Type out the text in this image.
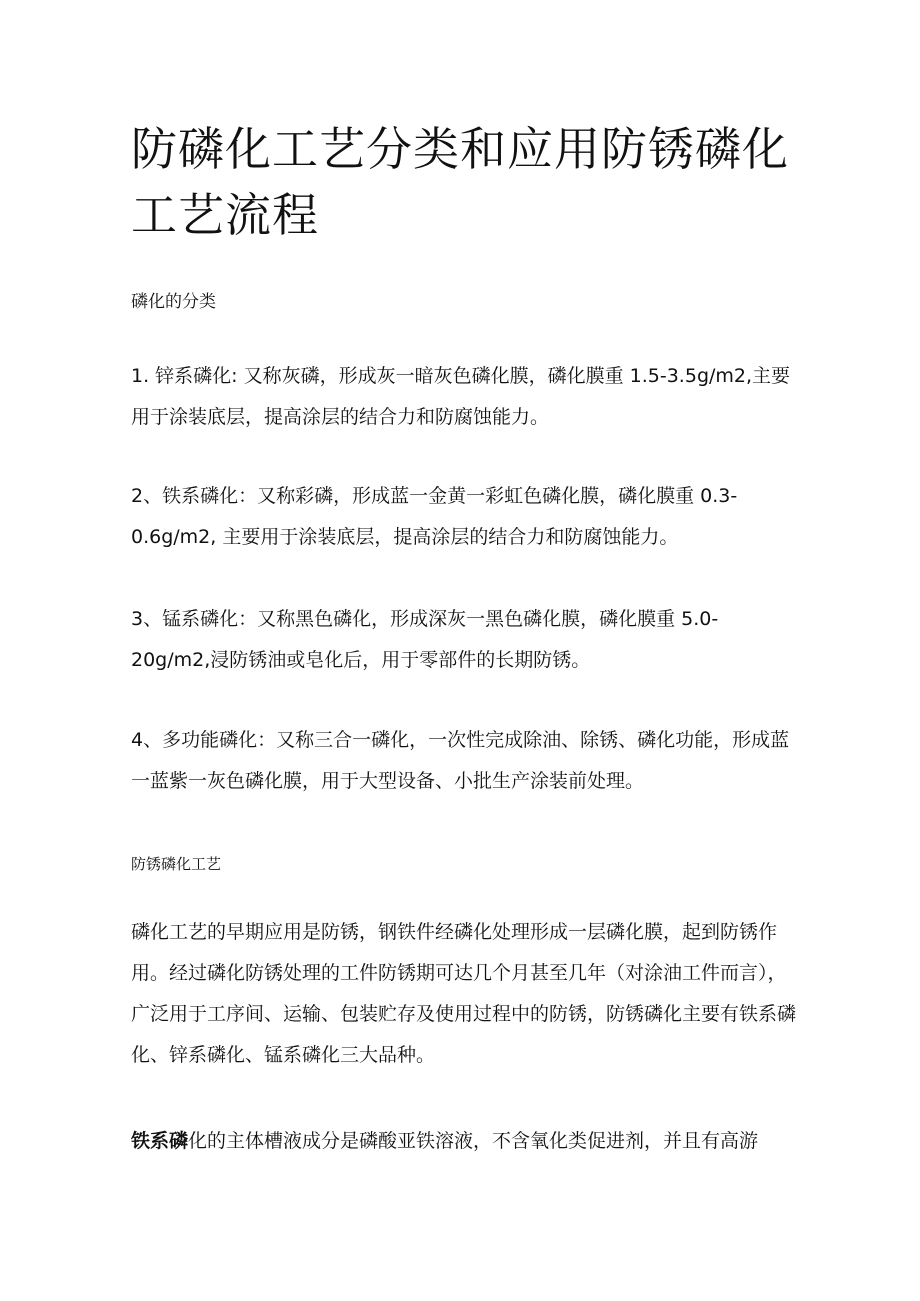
防磷化工艺分类和应用防锈磷化工艺流程

磷化的分类

1. 锌系磷化: 又称灰磷，形成灰一暗灰色磷化膜，磷化膜重 1.5-3.5g/m2,主要用于涂装底层，提高涂层的结合力和防腐蚀能力。

2、铁系磷化：又称彩磷，形成蓝一金黄一彩虹色磷化膜，磷化膜重 0.3-0.6g/m2, 主要用于涂装底层，提高涂层的结合力和防腐蚀能力。

3、锰系磷化：又称黑色磷化，形成深灰一黑色磷化膜，磷化膜重 5.0-20g/m2,浸防锈油或皂化后，用于零部件的长期防锈。

4、多功能磷化：又称三合一磷化，一次性完成除油、除锈、磷化功能，形成蓝一蓝紫一灰色磷化膜，用于大型设备、小批生产涂装前处理。

防锈磷化工艺

磷化工艺的早期应用是防锈，钢铁件经磷化处理形成一层磷化膜，起到防锈作用。经过磷化防锈处理的工件防锈期可达几个月甚至几年（对涂油工件而言），广泛用于工序间、运输、包装贮存及使用过程中的防锈，防锈磷化主要有铁系磷化、锌系磷化、锰系磷化三大品种。

铁系磷化的主体槽液成分是磷酸亚铁溶液，不含氧化类促进剂，并且有高游
